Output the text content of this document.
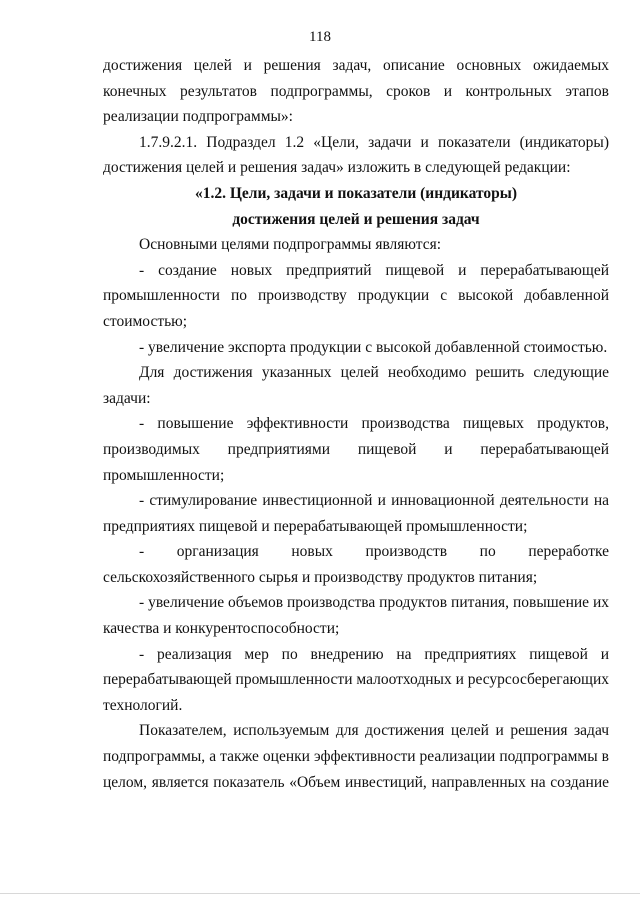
118

достижения целей и решения задач, описание основных ожидаемых конечных результатов подпрограммы, сроков и контрольных этапов реализации подпрограммы»:

1.7.9.2.1. Подраздел 1.2 «Цели, задачи и показатели (индикаторы) достижения целей и решения задач» изложить в следующей редакции:

«1.2. Цели, задачи и показатели (индикаторы)

достижения целей и решения задач

Основными целями подпрограммы являются:

- создание новых предприятий пищевой и перерабатывающей промышленности по производству продукции с высокой добавленной стоимостью;

- увеличение экспорта продукции с высокой добавленной стоимостью.

Для достижения указанных целей необходимо решить следующие задачи:

- повышение эффективности производства пищевых продуктов, производимых предприятиями пищевой и перерабатывающей промышленности;

- стимулирование инвестиционной и инновационной деятельности на предприятиях пищевой и перерабатывающей промышленности;

- организация новых производств по переработке сельскохозяйственного сырья и производству продуктов питания;

- увеличение объемов производства продуктов питания, повышение их качества и конкурентоспособности;

- реализация мер по внедрению на предприятиях пищевой и перерабатывающей промышленности малоотходных и ресурсосберегающих технологий.

Показателем, используемым для достижения целей и решения задач подпрограммы, а также оценки эффективности реализации подпрограммы в целом, является показатель «Объем инвестиций, направленных на создание
